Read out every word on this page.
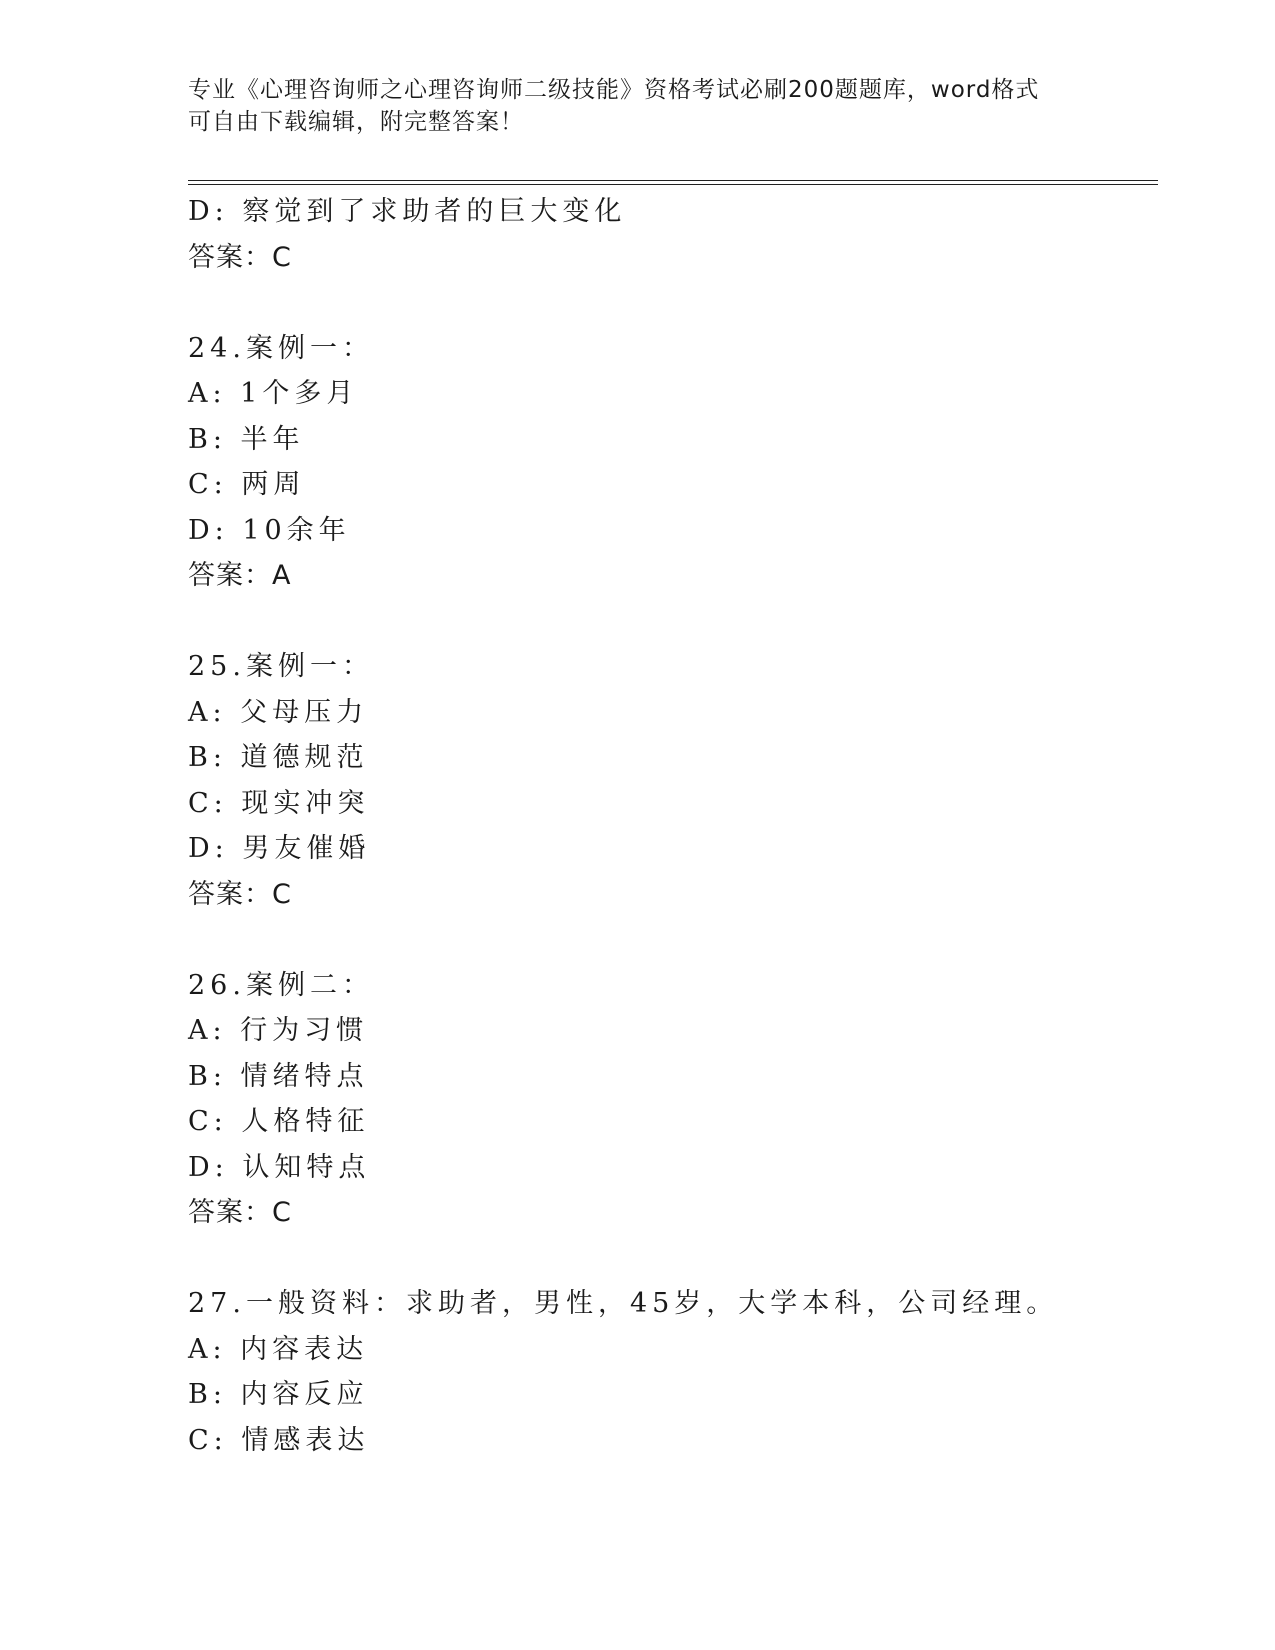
专业《心理咨询师之心理咨询师二级技能》资格考试必刷200题题库，word格式
可自由下载编辑，附完整答案！
D: 察觉到了求助者的巨大变化
答案：C
24.案例一：
A: 1个多月
B: 半年
C: 两周
D: 10余年
答案：A
25.案例一：
A: 父母压力
B: 道德规范
C: 现实冲突
D: 男友催婚
答案：C
26.案例二：
A: 行为习惯
B: 情绪特点
C: 人格特征
D: 认知特点
答案：C
27.一般资料：求助者，男性，45岁，大学本科，公司经理。
A: 内容表达
B: 内容反应
C: 情感表达
